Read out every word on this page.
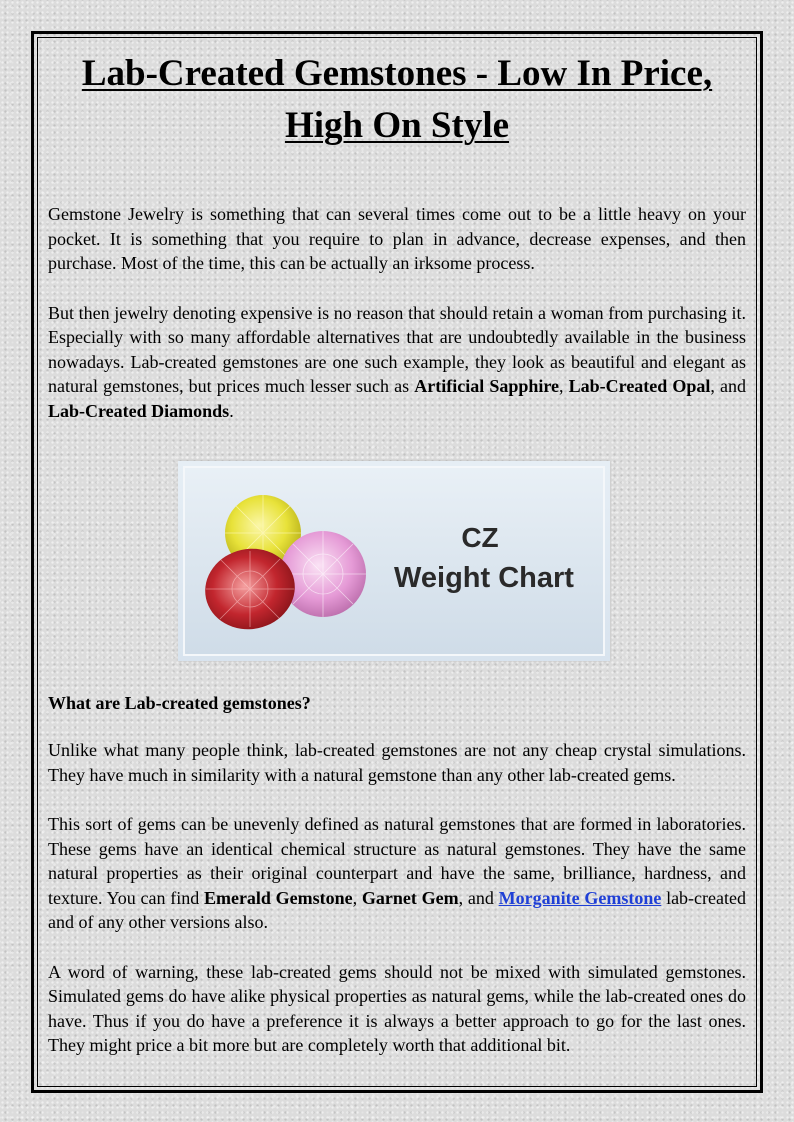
Lab-Created Gemstones - Low In Price,
High On Style

Gemstone Jewelry is something that can several times come out to be a little heavy on your pocket. It is something that you require to plan in advance, decrease expenses, and then purchase. Most of the time, this can be actually an irksome process.

But then jewelry denoting expensive is no reason that should retain a woman from purchasing it. Especially with so many affordable alternatives that are undoubtedly available in the business nowadays. Lab-created gemstones are one such example, they look as beautiful and elegant as natural gemstones, but prices much lesser such as Artificial Sapphire, Lab-Created Opal, and Lab-Created Diamonds.

CZ
Weight Chart
What are Lab-created gemstones?

Unlike what many people think, lab-created gemstones are not any cheap crystal simulations. They have much in similarity with a natural gemstone than any other lab-created gems.

This sort of gems can be unevenly defined as natural gemstones that are formed in laboratories. These gems have an identical chemical structure as natural gemstones. They have the same natural properties as their original counterpart and have the same, brilliance, hardness, and texture. You can find Emerald Gemstone, Garnet Gem, and Morganite Gemstone lab-created and of any other versions also.

A word of warning, these lab-created gems should not be mixed with simulated gemstones. Simulated gems do have alike physical properties as natural gems, while the lab-created ones do have. Thus if you do have a preference it is always a better approach to go for the last ones. They might price a bit more but are completely worth that additional bit.
